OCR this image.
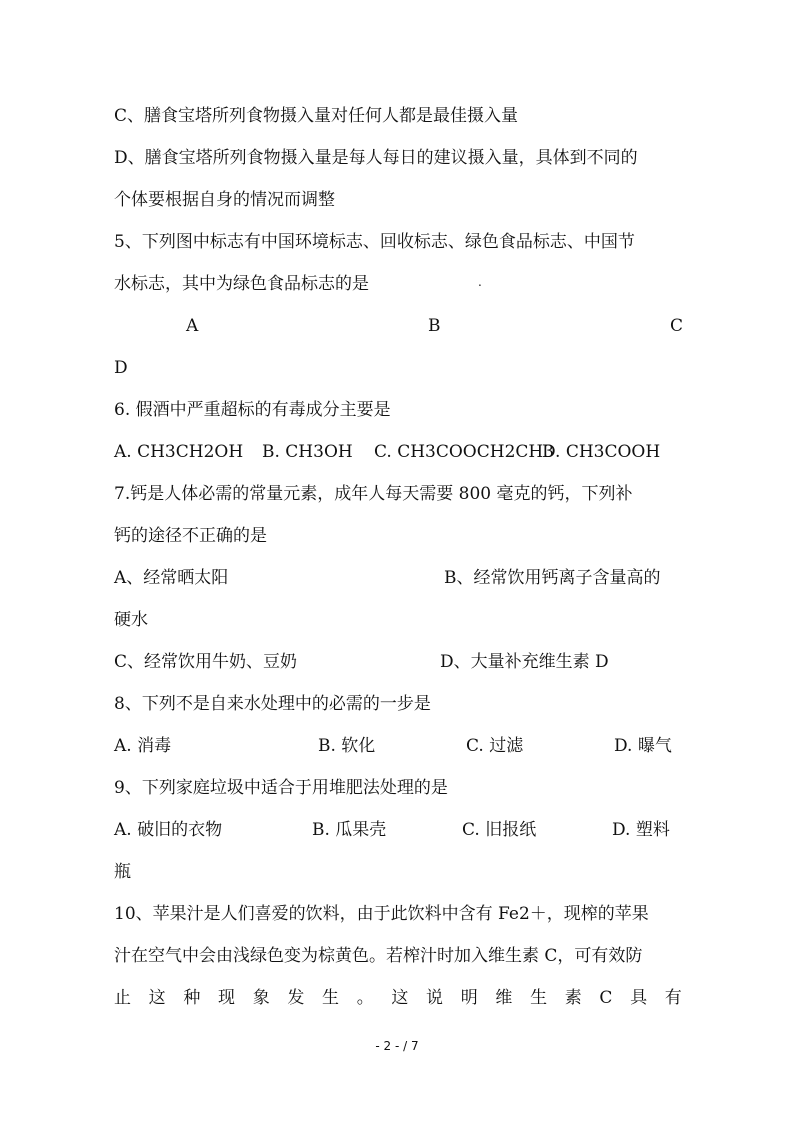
C、膳食宝塔所列食物摄入量对任何人都是最佳摄入量
D、膳食宝塔所列食物摄入量是每人每日的建议摄入量，具体到不同的
个体要根据自身的情况而调整
5、下列图中标志有中国环境标志、回收标志、绿色食品标志、中国节
水标志，其中为绿色食品标志的是	.
A	B	C
D
6. 假酒中严重超标的有毒成分主要是
A. CH3CH2OH B. CH3OH C. CH3COOCH2CH3
D. CH3COOH
7.钙是人体必需的常量元素，成年人每天需要 800 毫克的钙，下列补
钙的途径不正确的是
A、经常晒太阳	B、经常饮用钙离子含量高的
硬水
C、经常饮用牛奶、豆奶	D、大量补充维生素 D
8、下列不是自来水处理中的必需的一步是
A. 消毒	B. 软化	C. 过滤	D. 曝气
9、下列家庭垃圾中适合于用堆肥法处理的是
A. 破旧的衣物	B. 瓜果壳	C. 旧报纸	D. 塑料
瓶
10、苹果汁是人们喜爱的饮料，由于此饮料中含有 Fe2＋，现榨的苹果
汁在空气中会由浅绿色变为棕黄色。若榨汁时加入维生素 C，可有效防
止 这 种 现 象 发 生 。 这 说 明 维 生 素 C 具 有
- 2 - / 7
